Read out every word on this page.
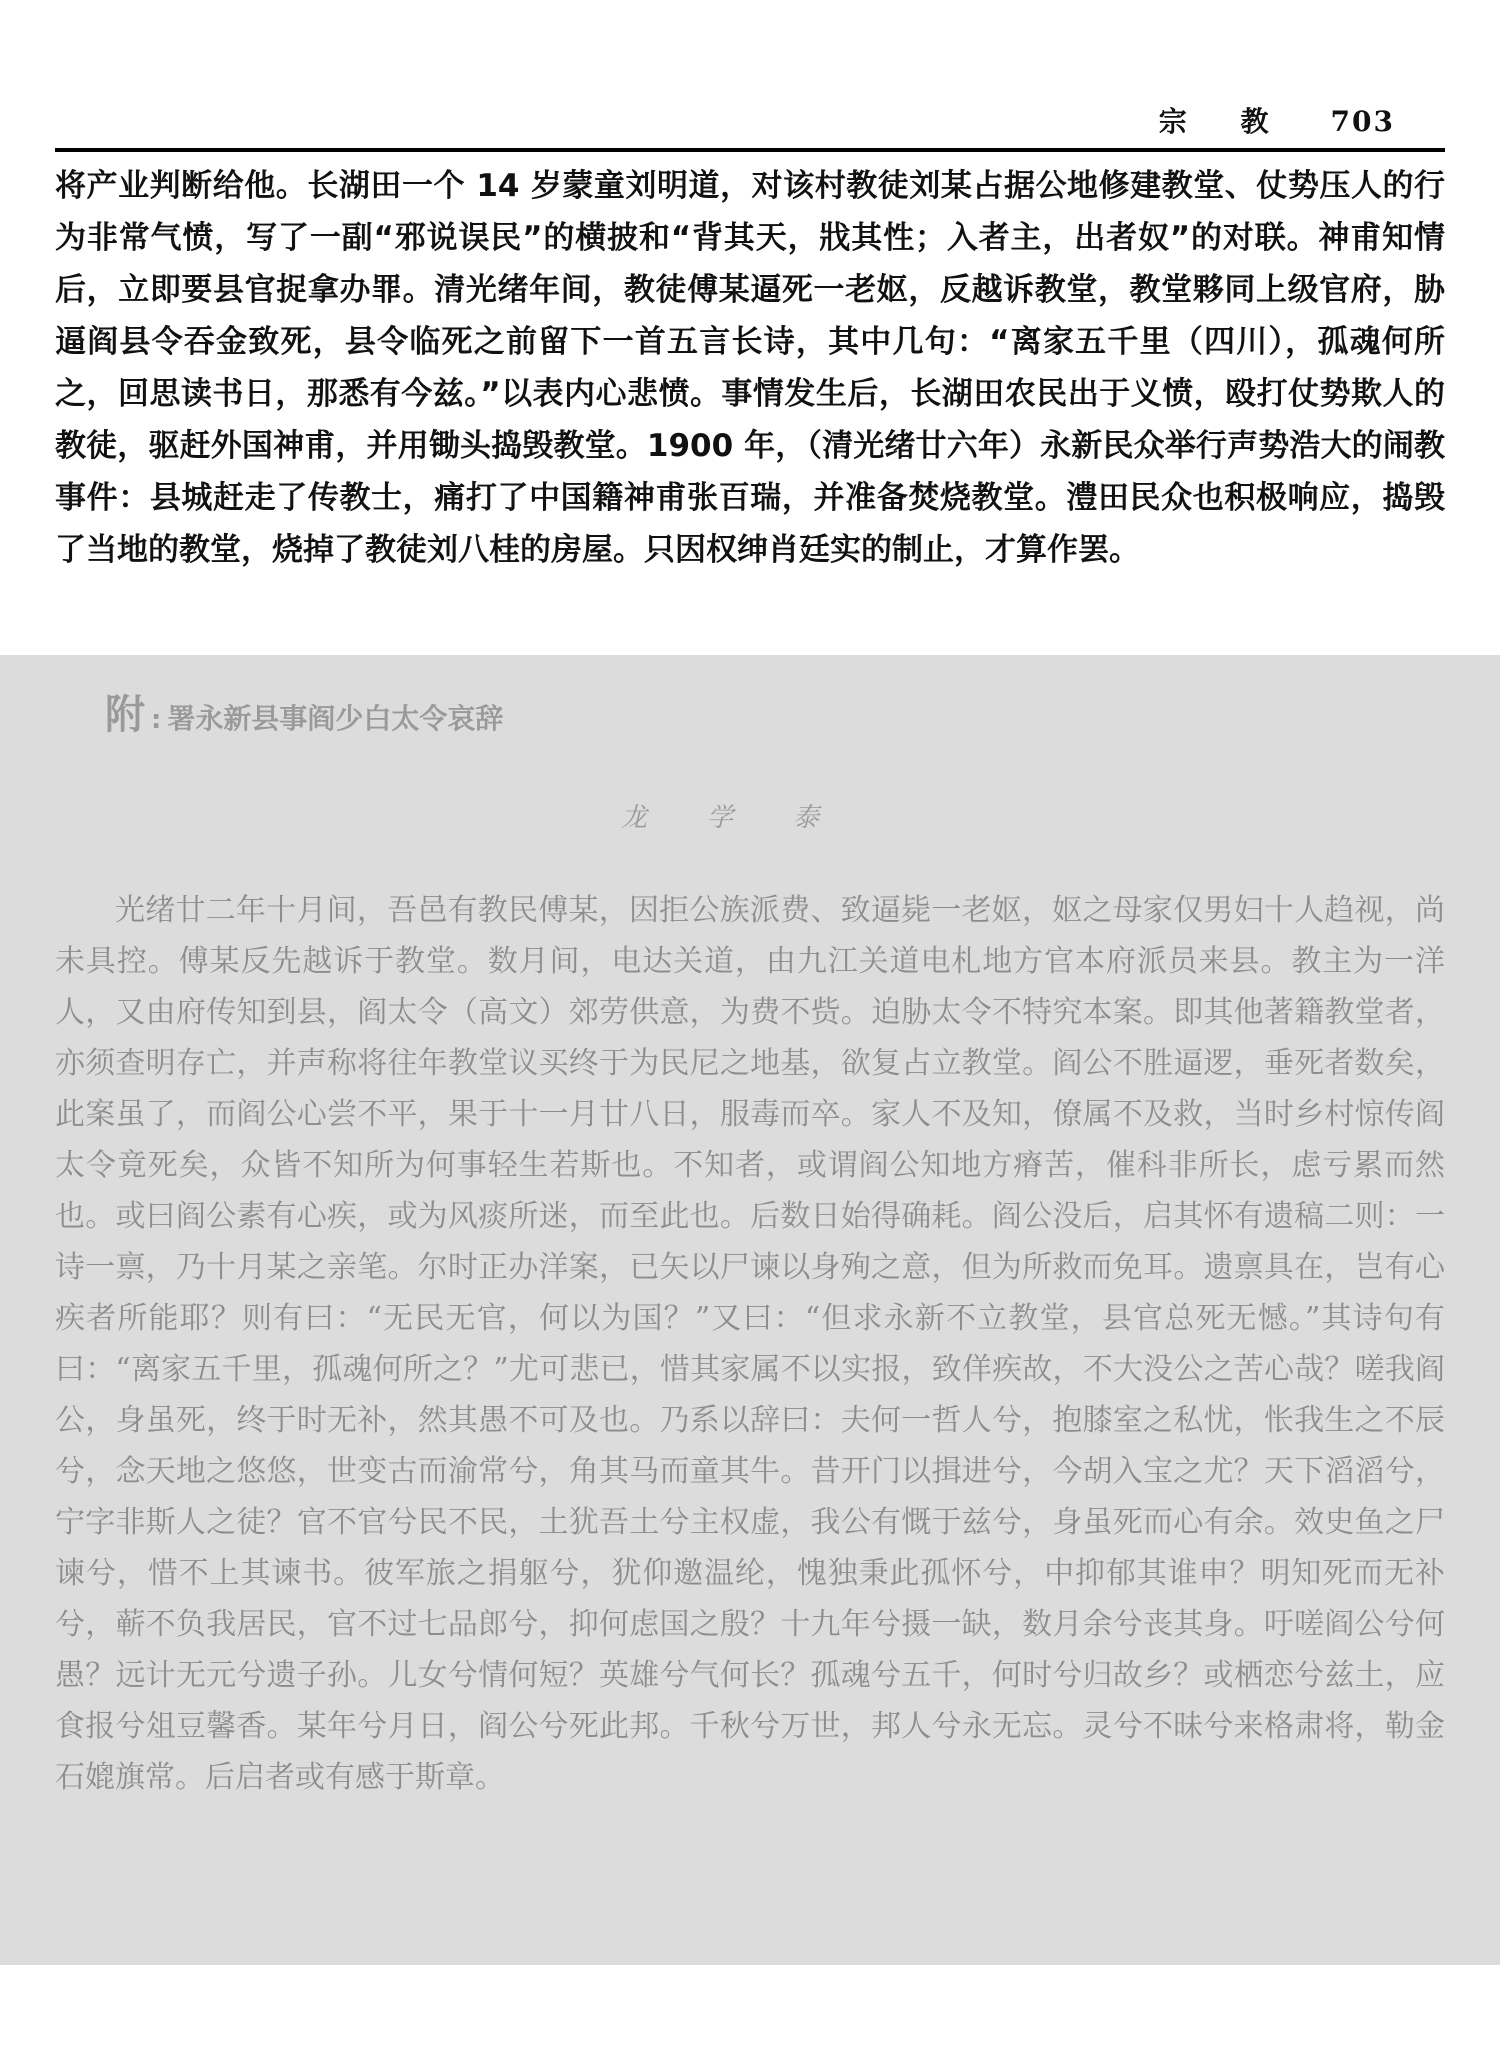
宗 教 703

将产业判断给他。长湖田一个 14 岁蒙童刘明道，对该村教徒刘某占据公地修建教堂、仗势压人的行为非常气愤，写了一副“邪说误民”的横披和“背其天，戕其性；入者主，出者奴”的对联。神甫知情后，立即要县官捉拿办罪。清光绪年间，教徒傅某逼死一老妪，反越诉教堂，教堂夥同上级官府，胁逼阎县令吞金致死，县令临死之前留下一首五言长诗，其中几句：“离家五千里（四川），孤魂何所之，回思读书日，那悉有今兹。”以表内心悲愤。事情发生后，长湖田农民出于义愤，殴打仗势欺人的教徒，驱赶外国神甫，并用锄头捣毁教堂。1900 年，（清光绪廿六年）永新民众举行声势浩大的闹教事件：县城赶走了传教士，痛打了中国籍神甫张百瑞，并准备焚烧教堂。澧田民众也积极响应，捣毁了当地的教堂，烧掉了教徒刘八桂的房屋。只因权绅肖廷实的制止，才算作罢。

附 : 署永新县事阎少白太令哀辞
龙学泰

光绪廿二年十月间，吾邑有教民傅某，因拒公族派费、致逼毙一老妪，妪之母家仅男妇十人趋视，尚未具控。傅某反先越诉于教堂。数月间，电达关道，由九江关道电札地方官本府派员来县。教主为一洋人，又由府传知到县，阎太令（高文）郊劳供意，为费不赀。迫胁太令不特究本案。即其他著籍教堂者，亦须查明存亡，并声称将往年教堂议买终于为民尼之地基，欲复占立教堂。阎公不胜逼逻，垂死者数矣，此案虽了，而阎公心尝不平，果于十一月廿八日，服毒而卒。家人不及知，僚属不及救，当时乡村惊传阎太令竟死矣，众皆不知所为何事轻生若斯也。不知者，或谓阎公知地方瘠苦，催科非所长，虑亏累而然也。或曰阎公素有心疾，或为风痰所迷，而至此也。后数日始得确耗。阎公没后，启其怀有遗稿二则：一诗一禀，乃十月某之亲笔。尔时正办洋案，已矢以尸谏以身殉之意，但为所救而免耳。遗禀具在，岂有心疾者所能耶？则有曰：“无民无官，何以为国？”又曰：“但求永新不立教堂，县官总死无憾。”其诗句有曰：“离家五千里，孤魂何所之？”尤可悲已，惜其家属不以实报，致佯疾故，不大没公之苦心哉？嗟我阎公，身虽死，终于时无补，然其愚不可及也。乃系以辞曰：夫何一哲人兮，抱膝室之私忧，怅我生之不辰兮，念天地之悠悠，世变古而渝常兮，角其马而童其牛。昔开门以揖进兮，今胡入宝之尤？天下滔滔兮，宁字非斯人之徒？官不官兮民不民，土犹吾土兮主权虚，我公有慨于兹兮，身虽死而心有余。效史鱼之尸谏兮，惜不上其谏书。彼军旅之捐躯兮，犹仰邀温纶，愧独秉此孤怀兮，中抑郁其谁申？明知死而无补兮，蕲不负我居民，官不过七品郎兮，抑何虑国之殷？十九年兮摄一缺，数月余兮丧其身。吁嗟阎公兮何愚？远计无元兮遗子孙。儿女兮情何短？英雄兮气何长？孤魂兮五千，何时兮归故乡？或栖恋兮兹土，应食报兮俎豆馨香。某年兮月日，阎公兮死此邦。千秋兮万世，邦人兮永无忘。灵兮不昧兮来格肃将，勒金石媲旗常。后启者或有感于斯章。
